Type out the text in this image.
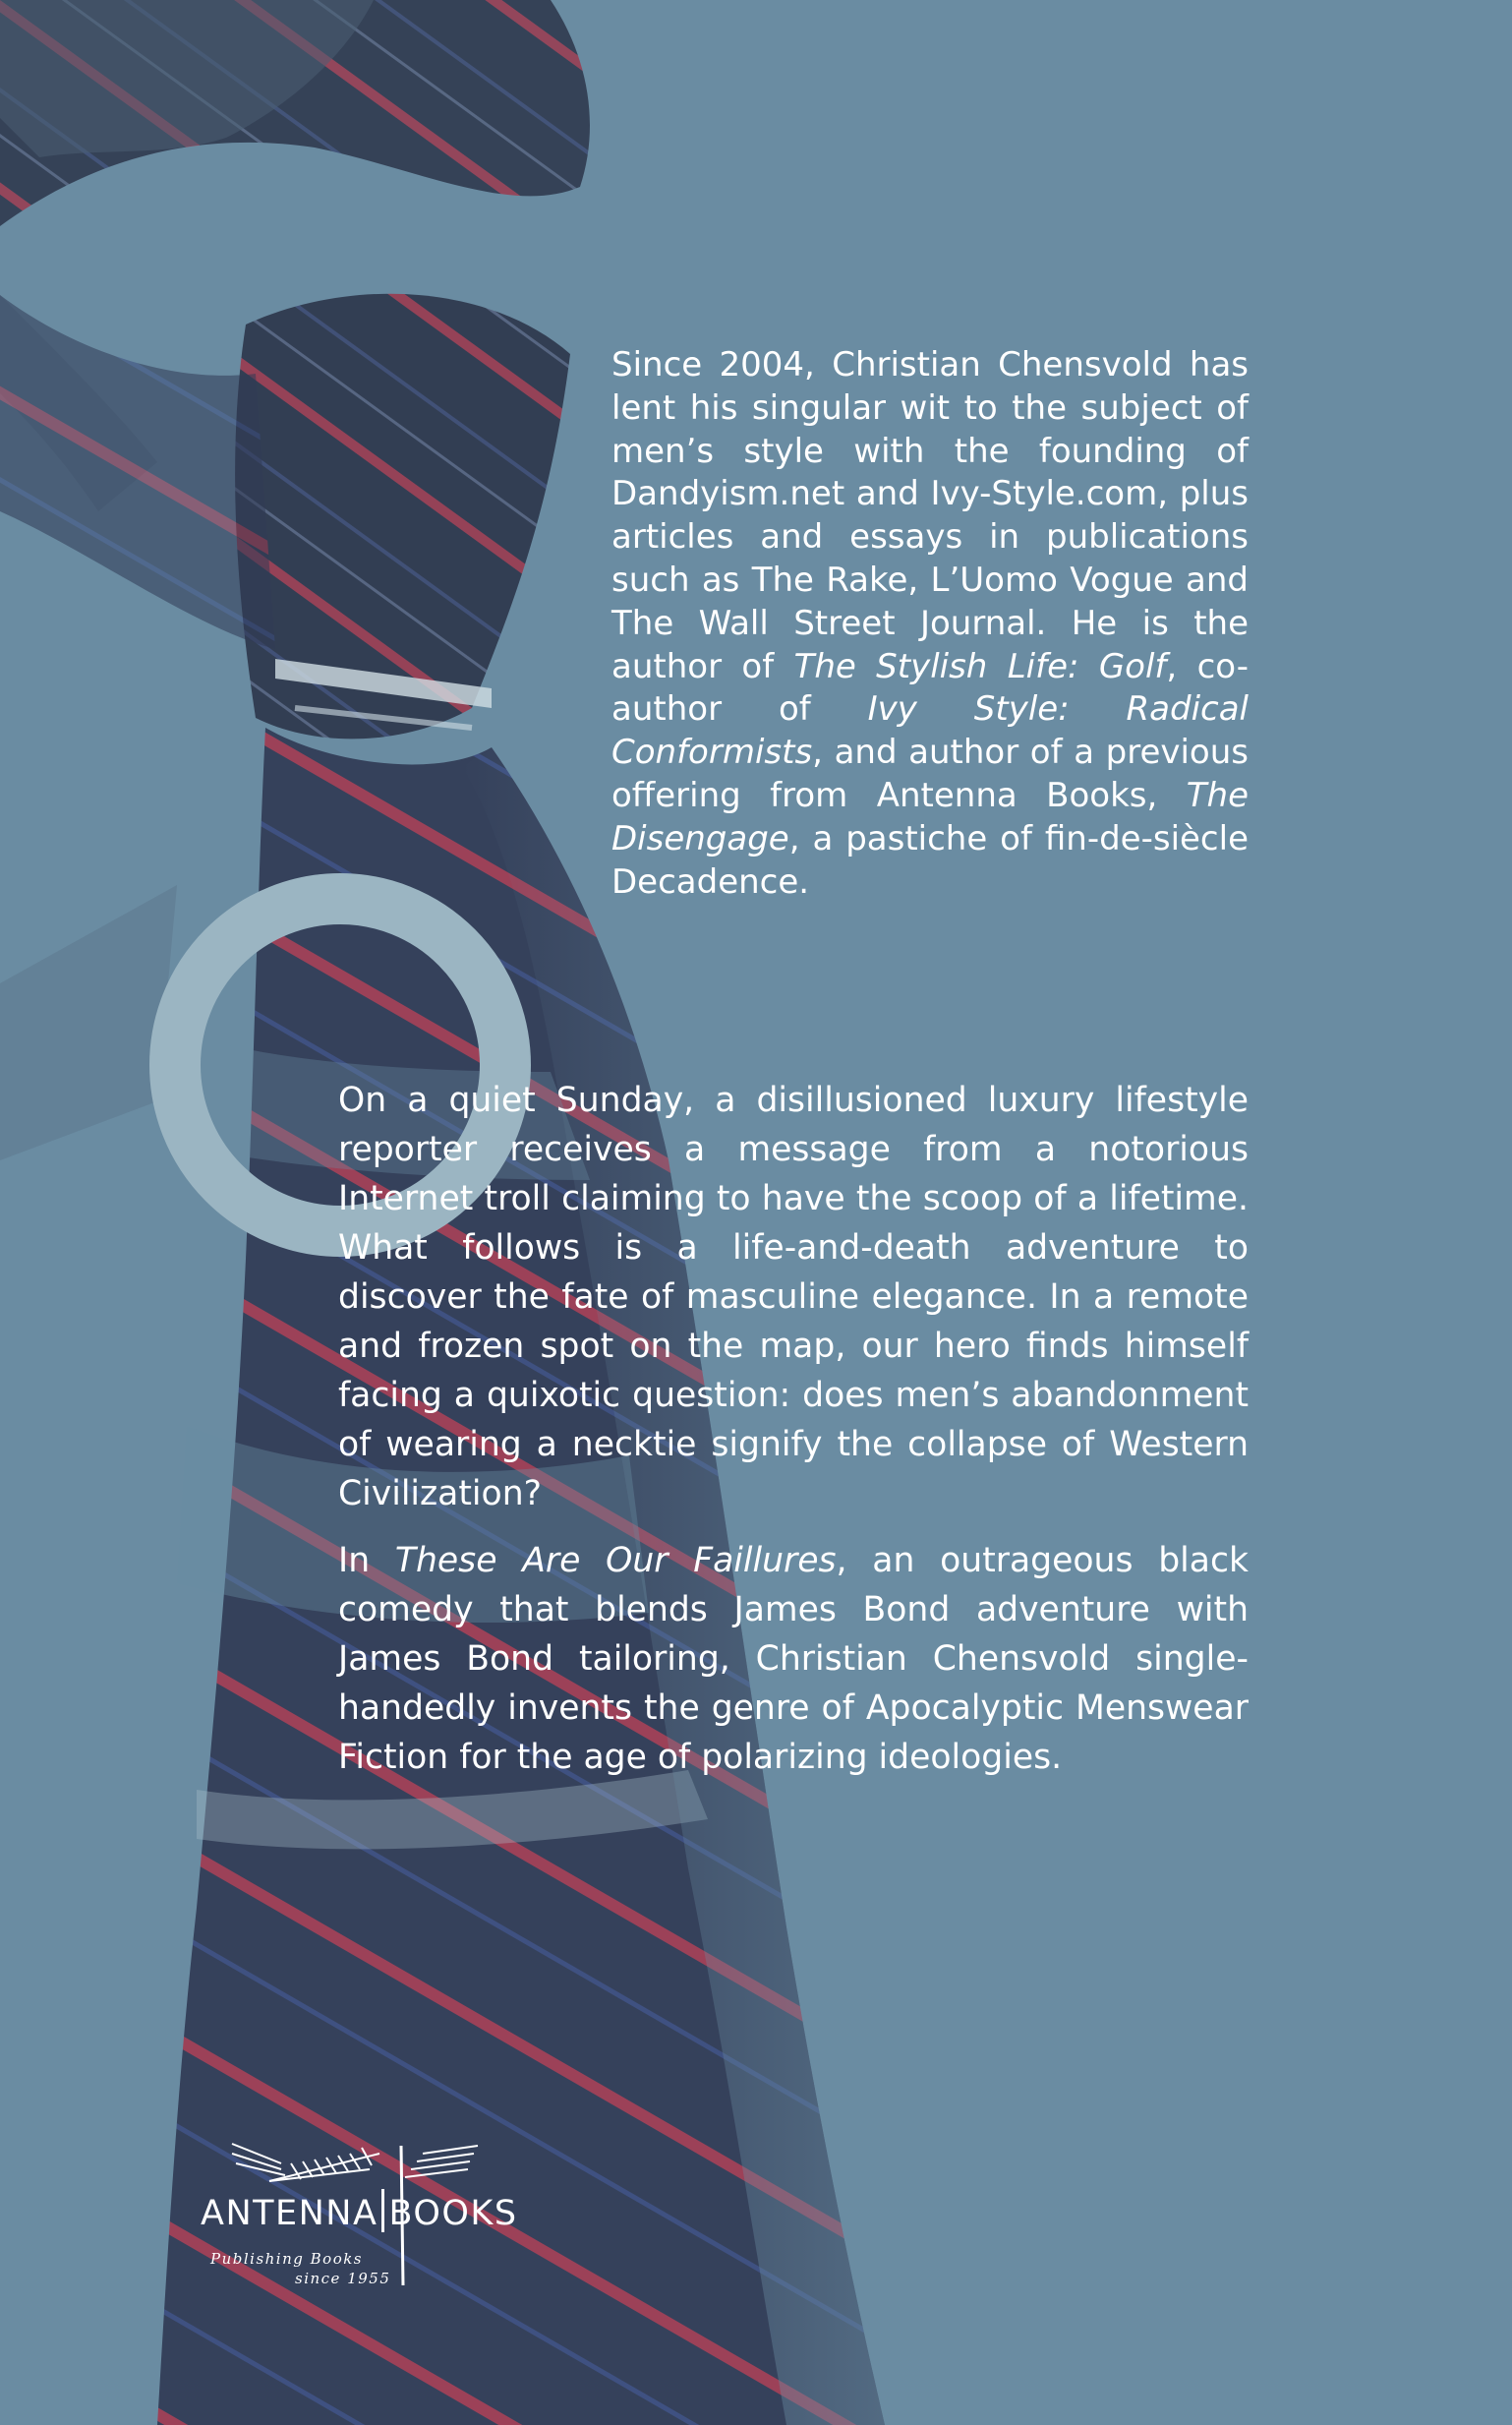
Since 2004, Christian Chensvold has lent his singular wit to the subject of men’s style with the founding of Dandyism.net and Ivy-Style.com, plus articles and essays in publications such as The Rake, L’Uomo Vogue and The Wall Street Journal. He is the author of The Stylish Life: Golf, co-author of Ivy Style: Radical Conformists, and author of a previous offering from Antenna Books, The Disengage, a pastiche of fin-de-siècle Decadence.

On a quiet Sunday, a disillusioned luxury lifestyle reporter receives a message from a notorious Internet troll claiming to have the scoop of a lifetime. What follows is a life-and-death adventure to discover the fate of masculine elegance. In a remote and frozen spot on the map, our hero finds himself facing a quixotic question: does men’s abandonment of wearing a necktie signify the collapse of Western Civilization?

In These Are Our Faillures, an outrageous black comedy that blends James Bond adventure with James Bond tailoring, Christian Chensvold single-handedly invents the genre of Apocalyptic Menswear Fiction for the age of polarizing ideologies.

ANTENNA BOOKS
Publishing Books
since 1955
